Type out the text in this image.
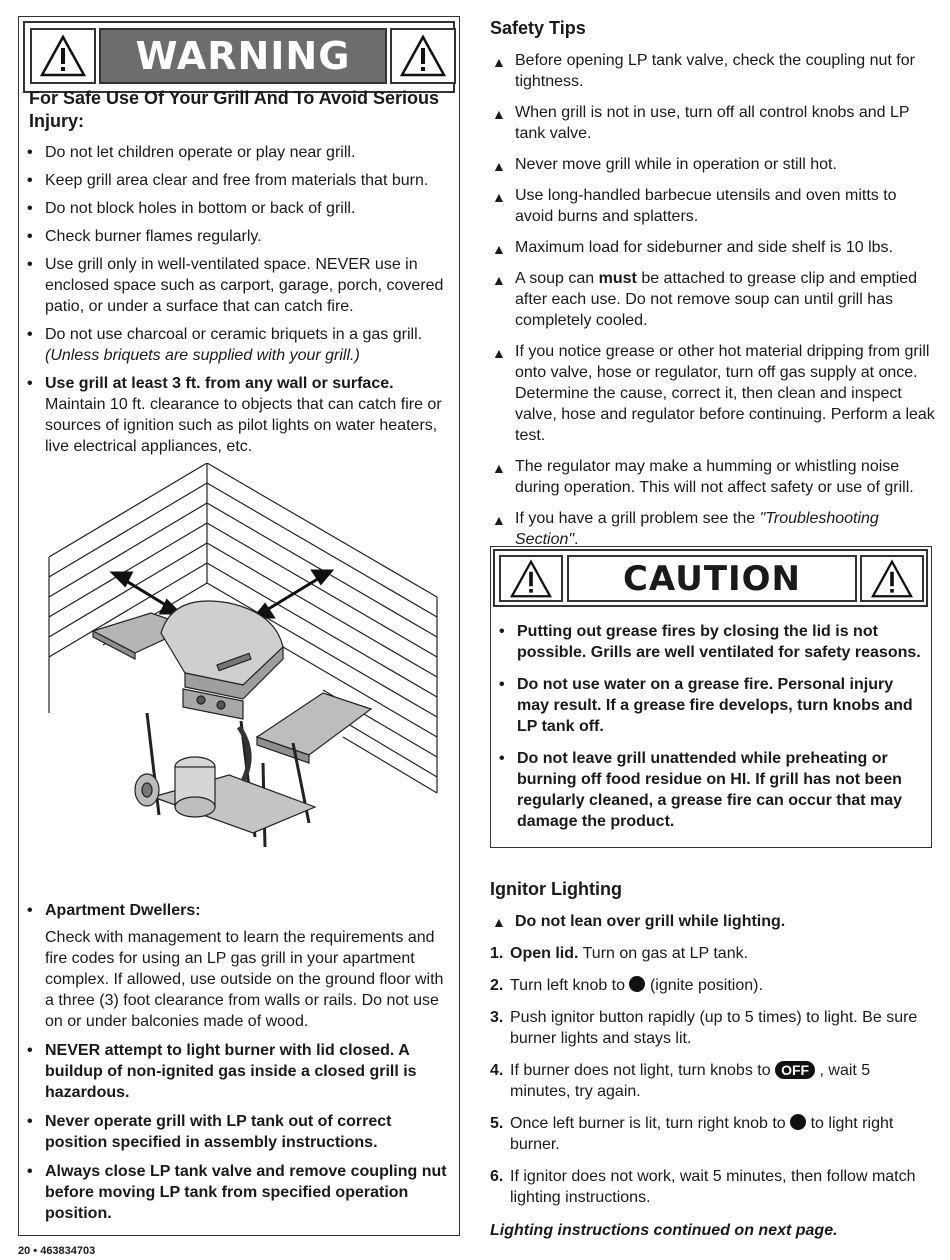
WARNING
For Safe Use Of Your Grill And To Avoid Serious Injury:
• Do not let children operate or play near grill.
• Keep grill area clear and free from materials that burn.
• Do not block holes in bottom or back of grill.
• Check burner flames regularly.
• Use grill only in well-ventilated space. NEVER use in enclosed space such as carport, garage, porch, covered patio, or under a surface that can catch fire.
• Do not use charcoal or ceramic briquets in a gas grill.
(Unless briquets are supplied with your grill.)
• Use grill at least 3 ft. from any wall or surface. Maintain 10 ft. clearance to objects that can catch fire or sources of ignition such as pilot lights on water heaters, live electrical appliances, etc.
• Apartment Dwellers:
Check with management to learn the requirements and fire codes for using an LP gas grill in your apartment complex. If allowed, use outside on the ground floor with a three (3) foot clearance from walls or rails. Do not use on or under balconies made of wood.
• NEVER attempt to light burner with lid closed. A buildup of non-ignited gas inside a closed grill is hazardous.
• Never operate grill with LP tank out of correct position specified in assembly instructions.
• Always close LP tank valve and remove coupling nut before moving LP tank from specified operation position.
Safety Tips
▲ Before opening LP tank valve, check the coupling nut for tightness.
▲ When grill is not in use, turn off all control knobs and LP tank valve.
▲ Never move grill while in operation or still hot.
▲ Use long-handled barbecue utensils and oven mitts to avoid burns and splatters.
▲ Maximum load for sideburner and side shelf is 10 lbs.
▲ A soup can must be attached to grease clip and emptied after each use. Do not remove soup can until grill has completely cooled.
▲ If you notice grease or other hot material dripping from grill onto valve, hose or regulator, turn off gas supply at once. Determine the cause, correct it, then clean and inspect valve, hose and regulator before continuing. Perform a leak test.
▲ The regulator may make a humming or whistling noise during operation. This will not affect safety or use of grill.
▲ If you have a grill problem see the "Troubleshooting Section".
CAUTION
• Putting out grease fires by closing the lid is not possible. Grills are well ventilated for safety reasons.
• Do not use water on a grease fire. Personal injury may result. If a grease fire develops, turn knobs and LP tank off.
• Do not leave grill unattended while preheating or burning off food residue on HI. If grill has not been regularly cleaned, a grease fire can occur that may damage the product.
Ignitor Lighting
▲ Do not lean over grill while lighting.
1. Open lid. Turn on gas at LP tank.
2. Turn left knob to (ignite position).
3. Push ignitor button rapidly (up to 5 times) to light. Be sure burner lights and stays lit.
4. If burner does not light, turn knobs to OFF , wait 5 minutes, try again.
5. Once left burner is lit, turn right knob to to light right burner.
6. If ignitor does not work, wait 5 minutes, then follow match lighting instructions.
Lighting instructions continued on next page.
20 • 463834703
